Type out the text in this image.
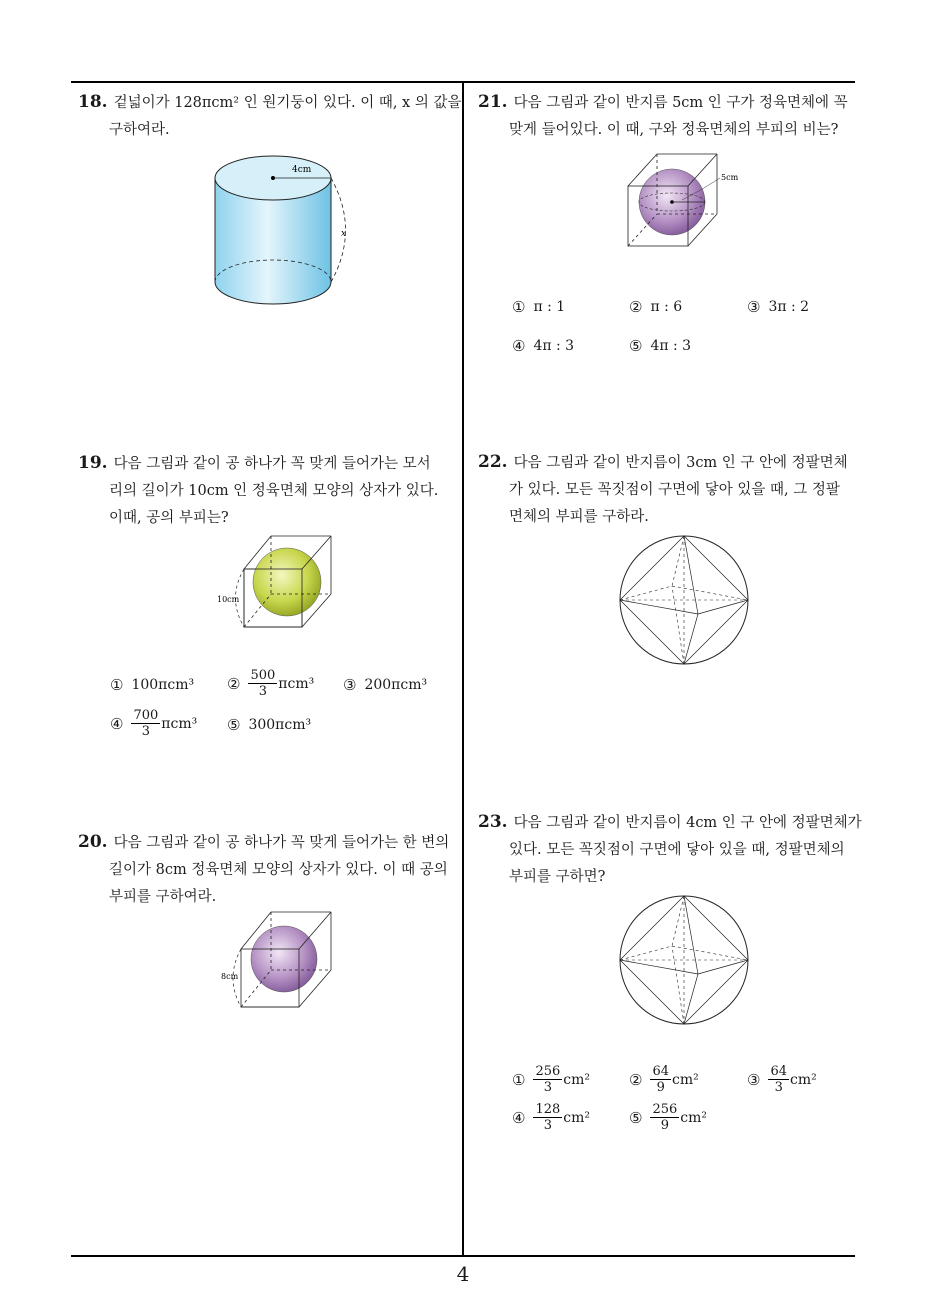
18. 겉넓이가 128πcm² 인 원기둥이 있다. 이 때, x 의 값을
구하여라.
4cm
x
19. 다음 그림과 같이 공 하나가 꼭 맞게 들어가는 모서
리의 길이가 10cm 인 정육면체 모양의 상자가 있다.
이때, 공의 부피는?
10cm
① 100πcm³ ② $\frac{500}{3} \pi cm^3$ ③ 200πcm³
④ $\frac{700}{3} \pi cm^3$ ⑤ 300πcm³
20. 다음 그림과 같이 공 하나가 꼭 맞게 들어가는 한 변의
길이가 8cm 정육면체 모양의 상자가 있다. 이 때 공의
부피를 구하여라.
8cm
21. 다음 그림과 같이 반지름 5cm 인 구가 정육면체에 꼭
맞게 들어있다. 이 때, 구와 정육면체의 부피의 비는?
5cm
① π : 1	② π : 6	③ 3π : 2
④ 4π : 3	⑤ 4π : 3
22. 다음 그림과 같이 반지름이 3cm 인 구 안에 정팔면체
가 있다. 모든 꼭짓점이 구면에 닿아 있을 때, 그 정팔
면체의 부피를 구하라.
23. 다음 그림과 같이 반지름이 4cm 인 구 안에 정팔면체가
있다. 모든 꼭짓점이 구면에 닿아 있을 때, 정팔면체의
부피를 구하면?
① $\frac{256}{3} cm^2$	② $\frac{64}{9} cm^2$	③ $\frac{64}{3} cm^2$
④ $\frac{128}{3} cm^2$	⑤ $\frac{256}{9} cm^2$
4
